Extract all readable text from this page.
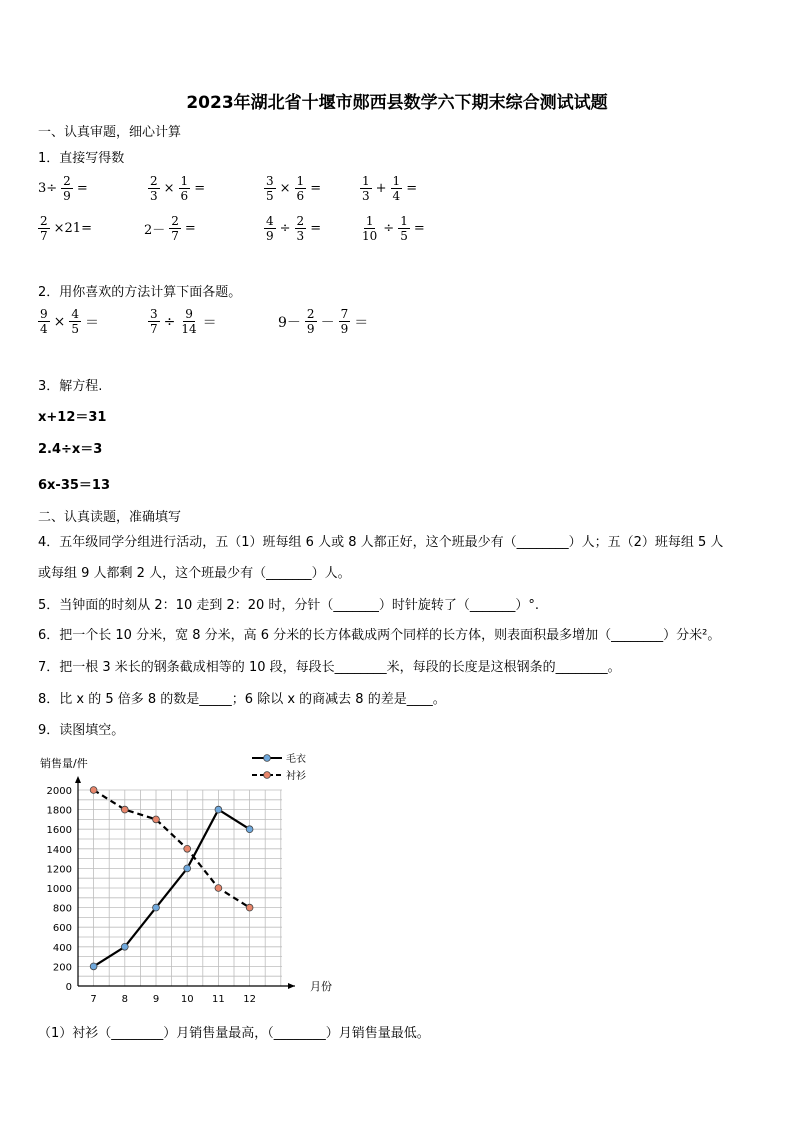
2023年湖北省十堰市郧西县数学六下期末综合测试试题
一、认真审题，细心计算
1．直接写得数
$3\div \frac{2}{9}$ =	$\frac{2}{3} \times \frac{1}{6}$ =	$\frac{3}{5} \times \frac{1}{6}$ =	$\frac{1}{3} + \frac{1}{4}$ =
$\frac{2}{7} \times 21=$	$2- \frac{2}{7}$ =	$\frac{4}{9} \div \frac{2}{3}$ =	$\frac{1}{10} \div \frac{1}{5}$ =
2．用你喜欢的方法计算下面各题。
$\frac{9}{4} \times \frac{4}{5}$ ＝	$\frac{3}{7} \div \frac{9}{14}$ ＝	$9- \frac{2}{9} - \frac{7}{9}$ ＝
3．解方程.
x+12＝31
2.4÷x＝3
6x-35＝13
二、认真读题，准确填写
4．五年级同学分组进行活动，五（1）班每组 6 人或 8 人都正好，这个班最少有（________）人；五（2）班每组 5 人
或每组 9 人都剩 2 人，这个班最少有（_______）人。
5．当钟面的时刻从 2：10 走到 2：20 时，分针（_______）时针旋转了（_______）°.
6．把一个长 10 分米，宽 8 分米，高 6 分米的长方体截成两个同样的长方体，则表面积最多增加（________）分米²。
7．把一根 3 米长的钢条截成相等的 10 段，每段长________米，每段的长度是这根钢条的________。
8．比 x 的 5 倍多 8 的数是_____；6 除以 x 的商减去 8 的差是____。
9．读图填空。
销售量/件
月份
0
200
400
600
800
1000
1200
1400
1600
1800
2000
7 8 9 10 11 12
毛衣
衬衫
（1）衬衫（________）月销售量最高，（________）月销售量最低。
